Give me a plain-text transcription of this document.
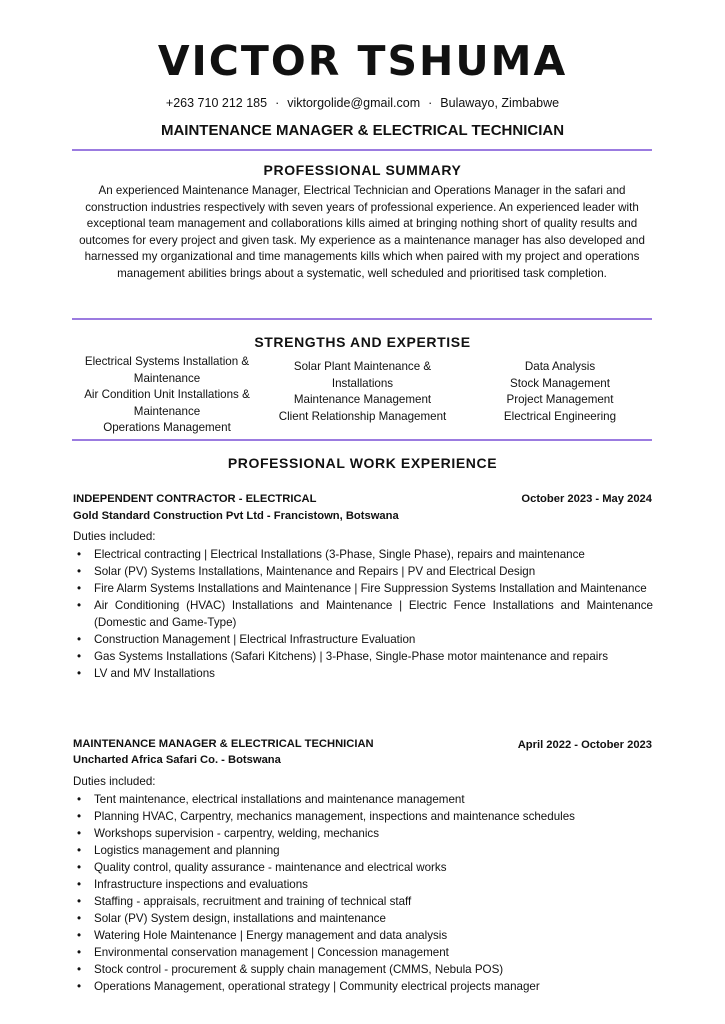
VICTOR TSHUMA
+263 710 212 185 · viktorgolide@gmail.com · Bulawayo, Zimbabwe
MAINTENANCE MANAGER & ELECTRICAL TECHNICIAN
PROFESSIONAL SUMMARY
An experienced Maintenance Manager, Electrical Technician and Operations Manager in the safari and construction industries respectively with seven years of professional experience. An experienced leader with exceptional team management and collaborations kills aimed at bringing nothing short of quality results and outcomes for every project and given task. My experience as a maintenance manager has also developed and harnessed my organizational and time managements kills which when paired with my project and operations management abilities brings about a systematic, well scheduled and prioritised task completion.
STRENGTHS AND EXPERTISE
Electrical Systems Installation & Maintenance
Air Condition Unit Installations & Maintenance
Operations Management
Solar Plant Maintenance & Installations
Maintenance Management
Client Relationship Management
Data Analysis
Stock Management
Project Management
Electrical Engineering
PROFESSIONAL WORK EXPERIENCE
INDEPENDENT CONTRACTOR - ELECTRICAL	October 2023 - May 2024
Gold Standard Construction Pvt Ltd - Francistown, Botswana
Duties included:
• Electrical contracting | Electrical Installations (3-Phase, Single Phase), repairs and maintenance
• Solar (PV) Systems Installations, Maintenance and Repairs | PV and Electrical Design
• Fire Alarm Systems Installations and Maintenance | Fire Suppression Systems Installation and Maintenance
• Air Conditioning (HVAC) Installations and Maintenance | Electric Fence Installations and Maintenance (Domestic and Game-Type)
• Construction Management | Electrical Infrastructure Evaluation
• Gas Systems Installations (Safari Kitchens) | 3-Phase, Single-Phase motor maintenance and repairs
• LV and MV Installations
MAINTENANCE MANAGER & ELECTRICAL TECHNICIAN	April 2022 - October 2023
Uncharted Africa Safari Co. - Botswana
Duties included:
• Tent maintenance, electrical installations and maintenance management
• Planning HVAC, Carpentry, mechanics management, inspections and maintenance schedules
• Workshops supervision - carpentry, welding, mechanics
• Logistics management and planning
• Quality control, quality assurance - maintenance and electrical works
• Infrastructure inspections and evaluations
• Staffing - appraisals, recruitment and training of technical staff
• Solar (PV) System design, installations and maintenance
• Watering Hole Maintenance | Energy management and data analysis
• Environmental conservation management | Concession management
• Stock control - procurement & supply chain management (CMMS, Nebula POS)
• Operations Management, operational strategy | Community electrical projects manager
